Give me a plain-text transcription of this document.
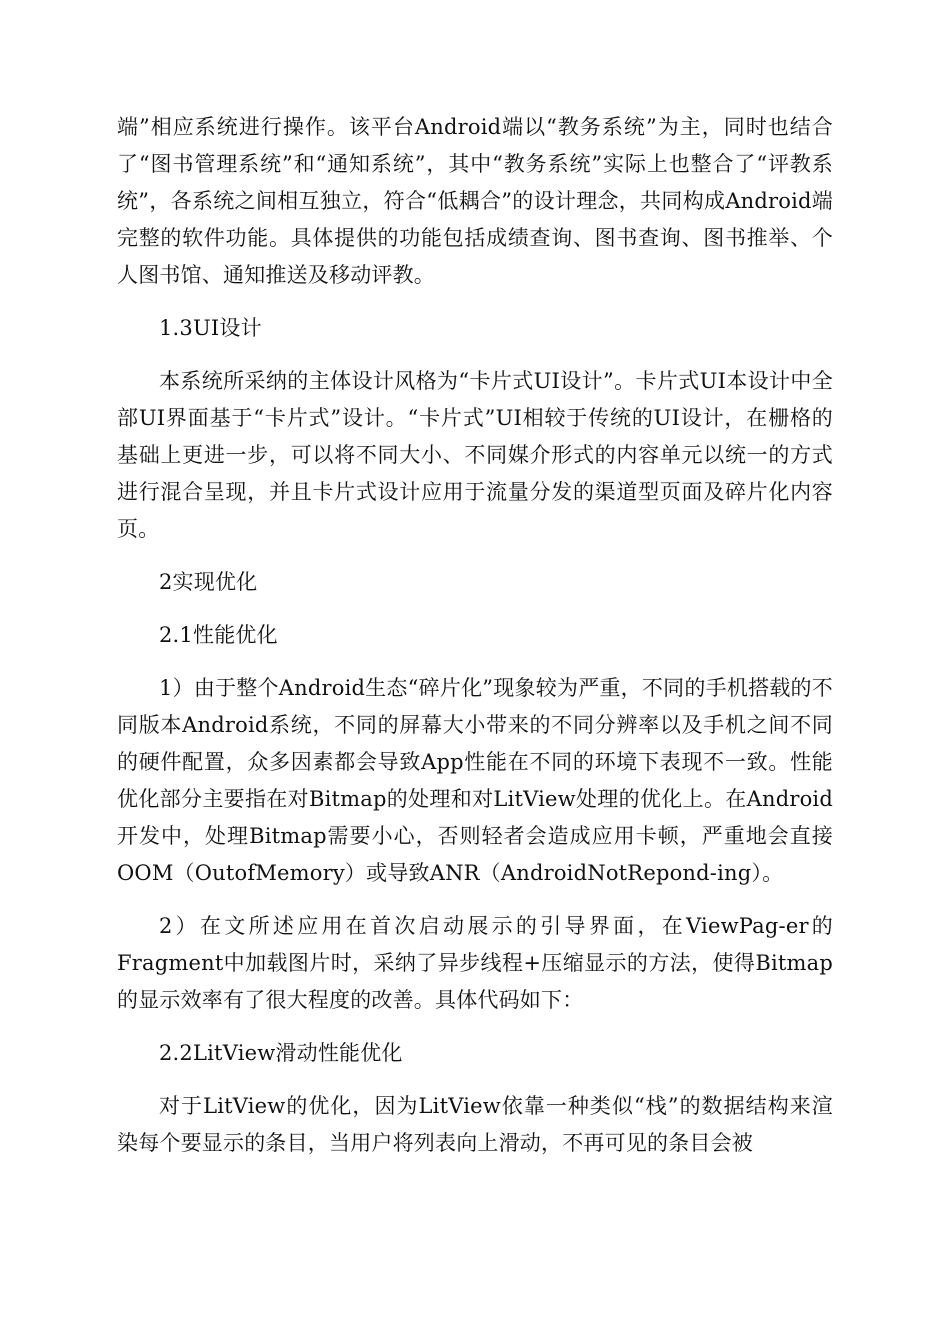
端”相应系统进行操作。该平台Android端以“教务系统”为主，同时也结合了“图书管理系统”和“通知系统”，其中“教务系统”实际上也整合了“评教系统”，各系统之间相互独立，符合“低耦合”的设计理念，共同构成Android端完整的软件功能。具体提供的功能包括成绩查询、图书查询、图书推举、个人图书馆、通知推送及移动评教。

1.3UI设计

本系统所采纳的主体设计风格为“卡片式UI设计”。卡片式UI本设计中全部UI界面基于“卡片式”设计。“卡片式”UI相较于传统的UI设计，在栅格的基础上更进一步，可以将不同大小、不同媒介形式的内容单元以统一的方式进行混合呈现，并且卡片式设计应用于流量分发的渠道型页面及碎片化内容页。

2实现优化
2.1性能优化

1）由于整个Android生态“碎片化”现象较为严重，不同的手机搭载的不同版本Android系统，不同的屏幕大小带来的不同分辨率以及手机之间不同的硬件配置，众多因素都会导致App性能在不同的环境下表现不一致。性能优化部分主要指在对Bitmap的处理和对LitView处理的优化上。在Android开发中，处理Bitmap需要小心，否则轻者会造成应用卡顿，严重地会直接OOM（OutofMemory）或导致ANR（AndroidNotRepond-ing）。

2）在文所述应用在首次启动展示的引导界面，在ViewPag-er的Fragment中加载图片时，采纳了异步线程+压缩显示的方法，使得Bitmap的显示效率有了很大程度的改善。具体代码如下：

2.2LitView滑动性能优化

对于LitView的优化，因为LitView依靠一种类似“栈”的数据结构来渲染每个要显示的条目，当用户将列表向上滑动，不再可见的条目会被
